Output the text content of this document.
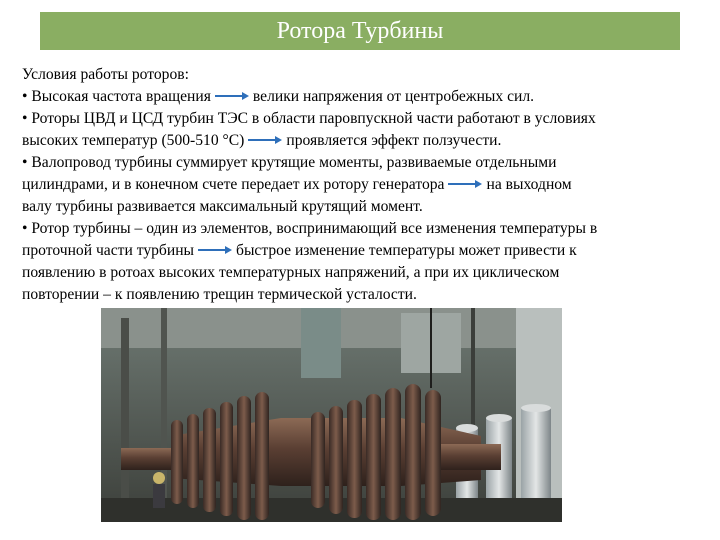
Ротора Турбины
Условия работы роторов:
• Высокая частота вращения	велики напряжения от центробежных сил.
• Роторы ЦВД и ЦСД турбин ТЭС в области паровпускной части работают в условиях
высоких температур (500-510 °С)	проявляется эффект ползучести.
• Валопровод турбины суммирует крутящие моменты, развиваемые отдельными
цилиндрами, и в конечном счете передает их ротору генератора	на выходном
валу турбины развивается максимальный крутящий момент.
• Ротор турбины – один из элементов, воспринимающий все изменения температуры в
проточной части турбины	быстрое изменение температуры может привести к
появлению в ротоах высоких температурных напряжений, а при их циклическом
повторении – к появлению трещин термической усталости.
